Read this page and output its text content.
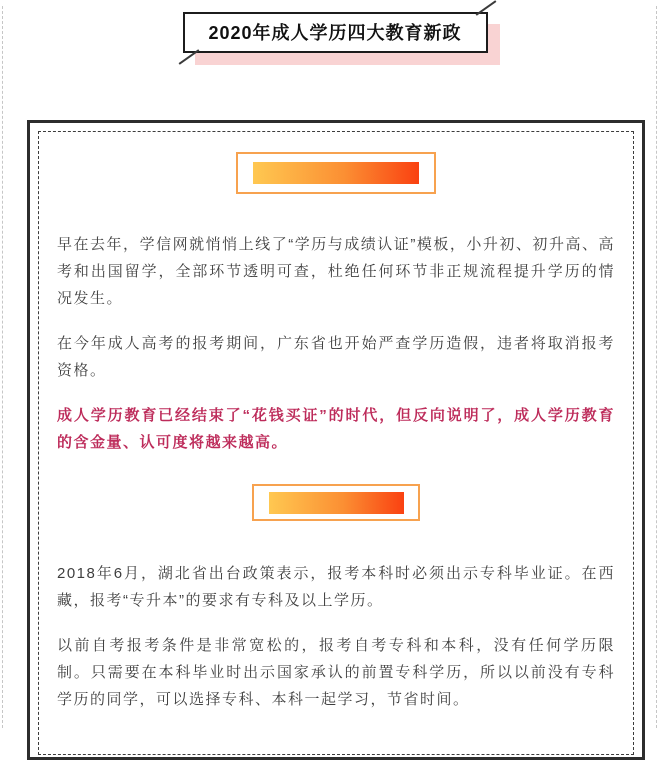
2020年成人学历四大教育新政

早在去年，学信网就悄悄上线了“学历与成绩认证”模板，小升初、初升高、高考和出国留学，全部环节透明可查，杜绝任何环节非正规流程提升学历的情况发生。

在今年成人高考的报考期间，广东省也开始严查学历造假，违者将取消报考资格。

成人学历教育已经结束了“花钱买证”的时代，但反向说明了，成人学历教育的含金量、认可度将越来越高。

2018年6月，湖北省出台政策表示，报考本科时必须出示专科毕业证。在西藏，报考“专升本”的要求有专科及以上学历。

以前自考报考条件是非常宽松的，报考自考专科和本科，没有任何学历限制。只需要在本科毕业时出示国家承认的前置专科学历，所以以前没有专科学历的同学，可以选择专科、本科一起学习，节省时间。
